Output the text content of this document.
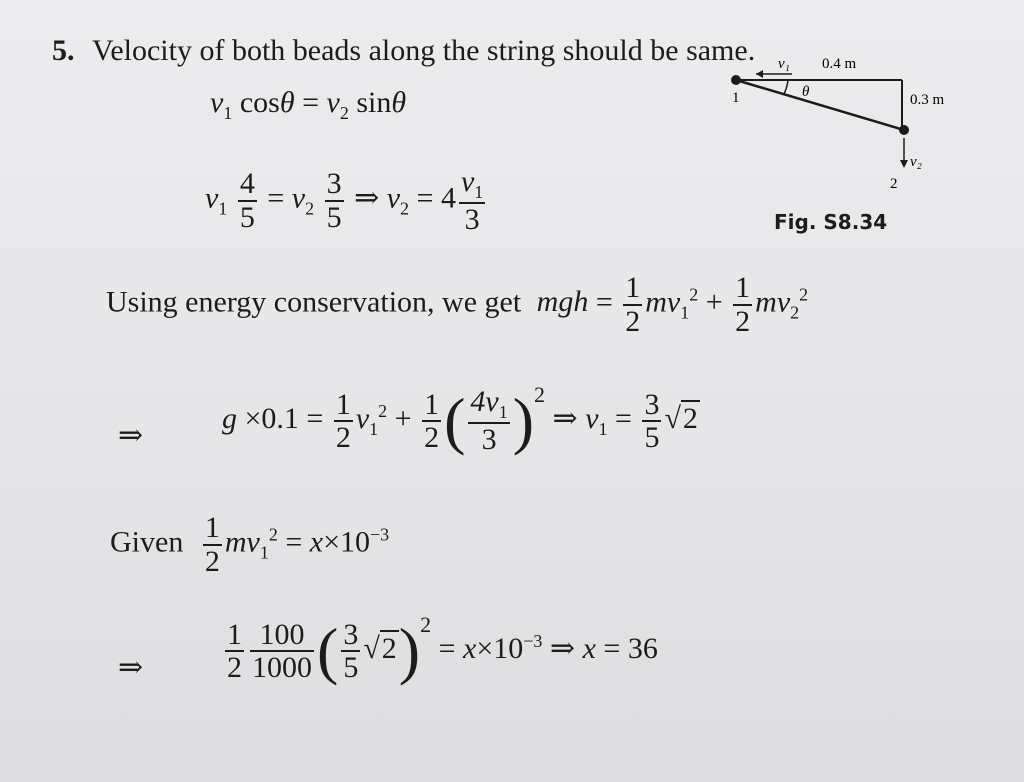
5. Velocity of both beads along the string should be same.
$v_1$ $\cos\theta = v_2$ sinθ
$v_1 \frac{4}{5} = v_2 \frac{3}{5}$ ⇒ $v_2 = 4 \frac{v_1}{3}$
v₁ 0.4 m
θ	0.3 m
1
2
v₂
Fig. S8.34
Using energy conservation, we get mgh = $\frac{1}{2} mv_1^2 + \frac{1}{2} mv_2^2$
⇒
$g \times 0.1 = \frac{1}{2} v_1^2 + \frac{1}{2}$ ( $\frac{4v_1}{3} )^2$ ⇒ $v_1 = \frac{3}{5} √2$
Given $\frac{1}{2} mv_1^2 = x\times 10^{-3}$
⇒	$\frac{1}{2} \frac{100}{1000}$ ( $\frac{3}{5} √2)^2 = x\times 10^{-3}$ ⇒ x = 36
